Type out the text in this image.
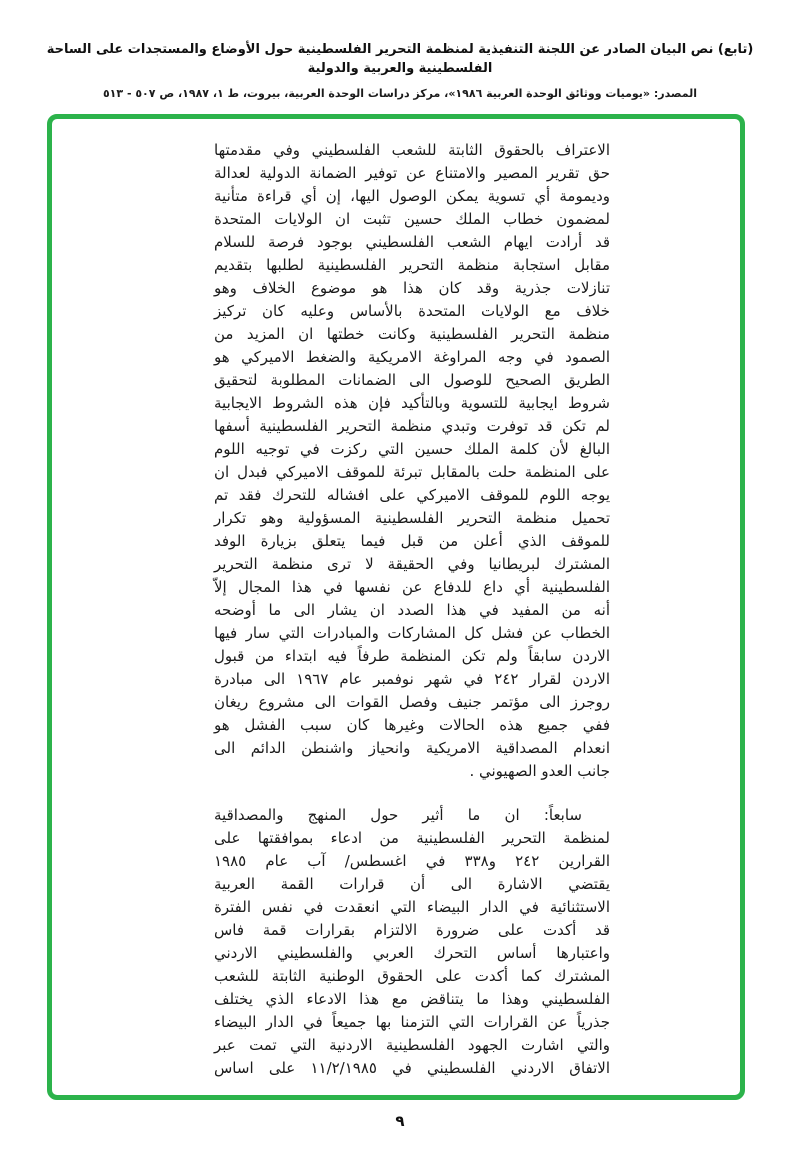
(تابع) نص البيان الصادر عن اللجنة التنفيذية لمنظمة التحرير الفلسطينية حول الأوضاع والمستجدات على الساحة الفلسطينية والعربية والدولية
المصدر: «يوميات ووثائق الوحدة العربية ١٩٨٦»، مركز دراسات الوحدة العربية، بيروت، ط ١، ١٩٨٧، ص ٥٠٧ - ٥١٣
الاعتراف بالحقوق الثابتة للشعب الفلسطيني وفي مقدمتها
حق تقرير المصير والامتناع عن توفير الضمانة الدولية لعدالة
وديمومة أي تسوية يمكن الوصول اليها، إن أي قراءة متأنية
لمضمون خطاب الملك حسين تثبت ان الولايات المتحدة
قد أرادت ايهام الشعب الفلسطيني بوجود فرصة للسلام
مقابل استجابة منظمة التحرير الفلسطينية لطلبها بتقديم
تنازلات جذرية وقد كان هذا هو موضوع الخلاف وهو
خلاف مع الولايات المتحدة بالأساس وعليه كان تركيز
منظمة التحرير الفلسطينية وكانت خطتها ان المزيد من
الصمود في وجه المراوغة الامريكية والضغط الاميركي هو
الطريق الصحيح للوصول الى الضمانات المطلوبة لتحقيق
شروط ايجابية للتسوية وبالتأكيد فإن هذه الشروط الايجابية
لم تكن قد توفرت وتبدي منظمة التحرير الفلسطينية أسفها
البالغ لأن كلمة الملك حسين التي ركزت في توجيه اللوم
على المنظمة حلت بالمقابل تبرئة للموقف الاميركي فبدل ان
يوجه اللوم للموقف الاميركي على افشاله للتحرك فقد تم
تحميل منظمة التحرير الفلسطينية المسؤولية وهو تكرار
للموقف الذي أعلن من قبل فيما يتعلق بزيارة الوفد
المشترك لبريطانيا وفي الحقيقة لا ترى منظمة التحرير
الفلسطينية أي داع للدفاع عن نفسها في هذا المجال إلاّ
أنه من المفيد في هذا الصدد ان يشار الى ما أوضحه
الخطاب عن فشل كل المشاركات والمبادرات التي سار فيها
الاردن سابقاً ولم تكن المنظمة طرفاً فيه ابتداء من قبول
الاردن لقرار ٢٤٢ في شهر نوفمبر عام ١٩٦٧ الى مبادرة
روجرز الى مؤتمر جنيف وفصل القوات الى مشروع ريغان
ففي جميع هذه الحالات وغيرها كان سبب الفشل هو
انعدام المصداقية الامريكية وانحياز واشنطن الدائم الى
جانب العدو الصهيوني .
سابعاً: ان ما أثير حول المنهج والمصداقية
لمنظمة التحرير الفلسطينية من ادعاء بموافقتها على
القرارين ٢٤٢ و٣٣٨ في اغسطس/ آب عام ١٩٨٥
يقتضي الاشارة الى أن قرارات القمة العربية
الاستثنائية في الدار البيضاء التي انعقدت في نفس الفترة
قد أكدت على ضرورة الالتزام بقرارات قمة فاس
واعتبارها أساس التحرك العربي والفلسطيني الاردني
المشترك كما أكدت على الحقوق الوطنية الثابتة للشعب
الفلسطيني وهذا ما يتناقض مع هذا الادعاء الذي يختلف
جذرياً عن القرارات التي التزمنا بها جميعاً في الدار البيضاء
والتي اشارت الجهود الفلسطينية الاردنية التي تمت عبر
الاتفاق الاردني الفلسطيني في ١١/٢/١٩٨٥ على اساس
٩
